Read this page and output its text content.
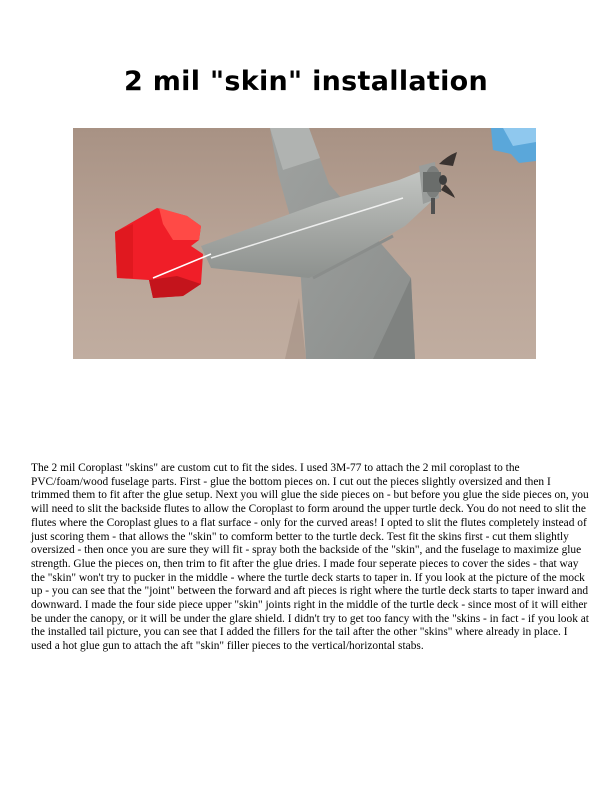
2 mil "skin" installation
The 2 mil Coroplast "skins" are custom cut to fit the sides. I used 3M-77 to attach the 2 mil coroplast to the PVC/foam/wood fuselage parts. First - glue the bottom pieces on. I cut out the pieces slightly oversized and then I trimmed them to fit after the glue setup. Next you will glue the side pieces on - but before you glue the side pieces on, you will need to slit the backside flutes to allow the Coroplast to form around the upper turtle deck. You do not need to slit the flutes where the Coroplast glues to a flat surface - only for the curved areas! I opted to slit the flutes completely instead of just scoring them - that allows the "skin" to comform better to the turtle deck. Test fit the skins first - cut them slightly oversized - then once you are sure they will fit - spray both the backside of the "skin", and the fuselage to maximize glue strength. Glue the pieces on, then trim to fit after the glue dries. I made four seperate pieces to cover the sides - that way the "skin" won't try to pucker in the middle - where the turtle deck starts to taper in. If you look at the picture of the mock up - you can see that the "joint" between the forward and aft pieces is right where the turtle deck starts to taper inward and downward. I made the four side piece upper "skin" joints right in the middle of the turtle deck - since most of it will either be under the canopy, or it will be under the glare shield. I didn't try to get too fancy with the "skins - in fact - if you look at the installed tail picture, you can see that I added the fillers for the tail after the other "skins" where already in place. I used a hot glue gun to attach the aft "skin" filler pieces to the vertical/horizontal stabs.
